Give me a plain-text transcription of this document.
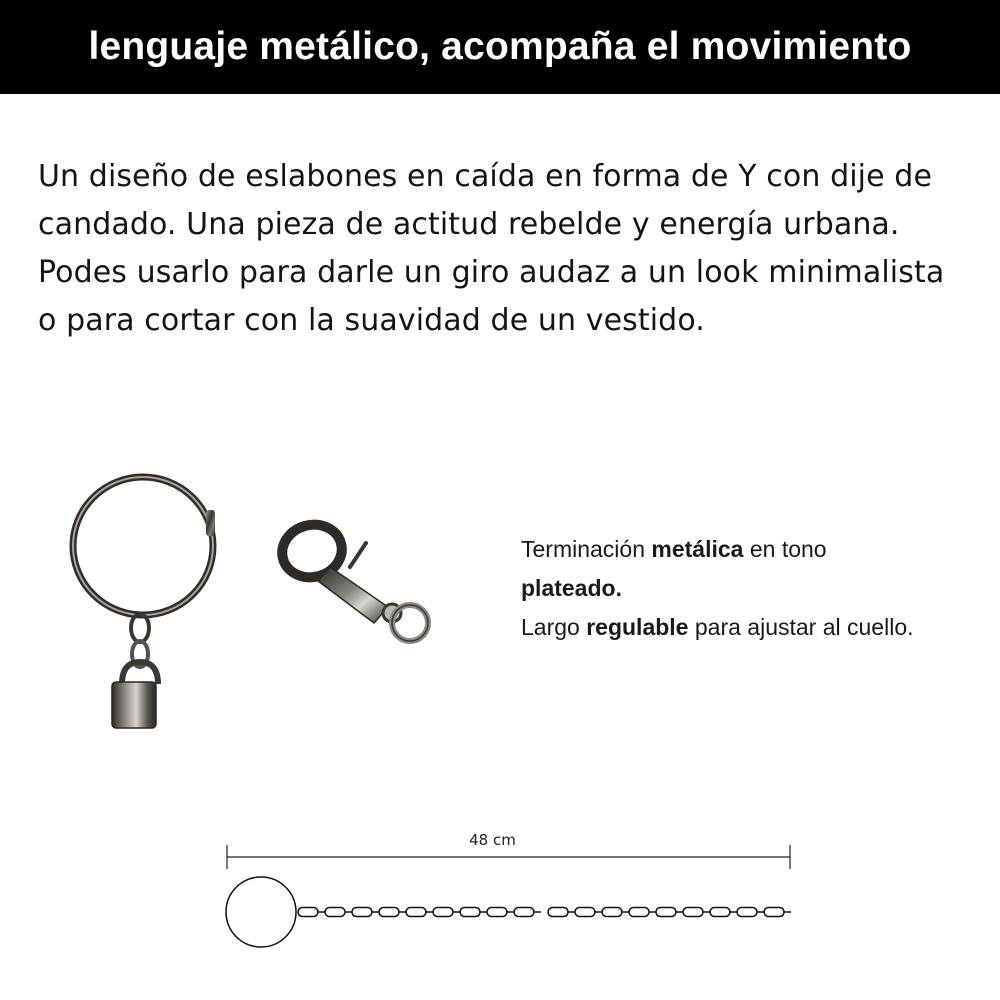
lenguaje metálico, acompaña el movimiento

Un diseño de eslabones en caída en forma de Y con dije de candado. Una pieza de actitud rebelde y energía urbana.

Podes usarlo para darle un giro audaz a un look minimalista o para cortar con la suavidad de un vestido.

Terminación metálica en tono
plateado.
Largo regulable para ajustar al cuello.
48 cm
